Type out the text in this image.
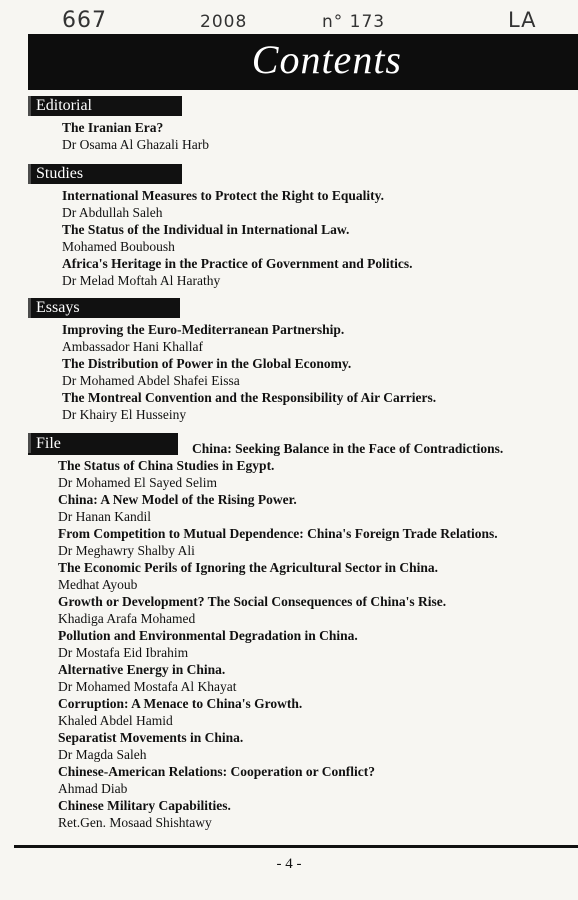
667	2008	n° 173	LA
Contents
Editorial

The Iranian Era?

Dr Osama Al Ghazali Harb

Studies

International Measures to Protect the Right to Equality.

Dr Abdullah Saleh

The Status of the Individual in International Law.

Mohamed Bouboush

Africa's Heritage in the Practice of Government and Politics.

Dr Melad Moftah Al Harathy

Essays

Improving the Euro-Mediterranean Partnership.

Ambassador Hani Khallaf

The Distribution of Power in the Global Economy.

Dr Mohamed Abdel Shafei Eissa

The Montreal Convention and the Responsibility of Air Carriers.

Dr Khairy El Husseiny

File	China: Seeking Balance in the Face of Contradictions.

The Status of China Studies in Egypt.

Dr Mohamed El Sayed Selim

China: A New Model of the Rising Power.

Dr Hanan Kandil

From Competition to Mutual Dependence: China's Foreign Trade Relations.

Dr Meghawry Shalby Ali

The Economic Perils of Ignoring the Agricultural Sector in China.

Medhat Ayoub

Growth or Development? The Social Consequences of China's Rise.

Khadiga Arafa Mohamed

Pollution and Environmental Degradation in China.

Dr Mostafa Eid Ibrahim

Alternative Energy in China.

Dr Mohamed Mostafa Al Khayat

Corruption: A Menace to China's Growth.

Khaled Abdel Hamid

Separatist Movements in China.

Dr Magda Saleh

Chinese-American Relations: Cooperation or Conflict?

Ahmad Diab

Chinese Military Capabilities.

Ret.Gen. Mosaad Shishtawy

- 4 -
